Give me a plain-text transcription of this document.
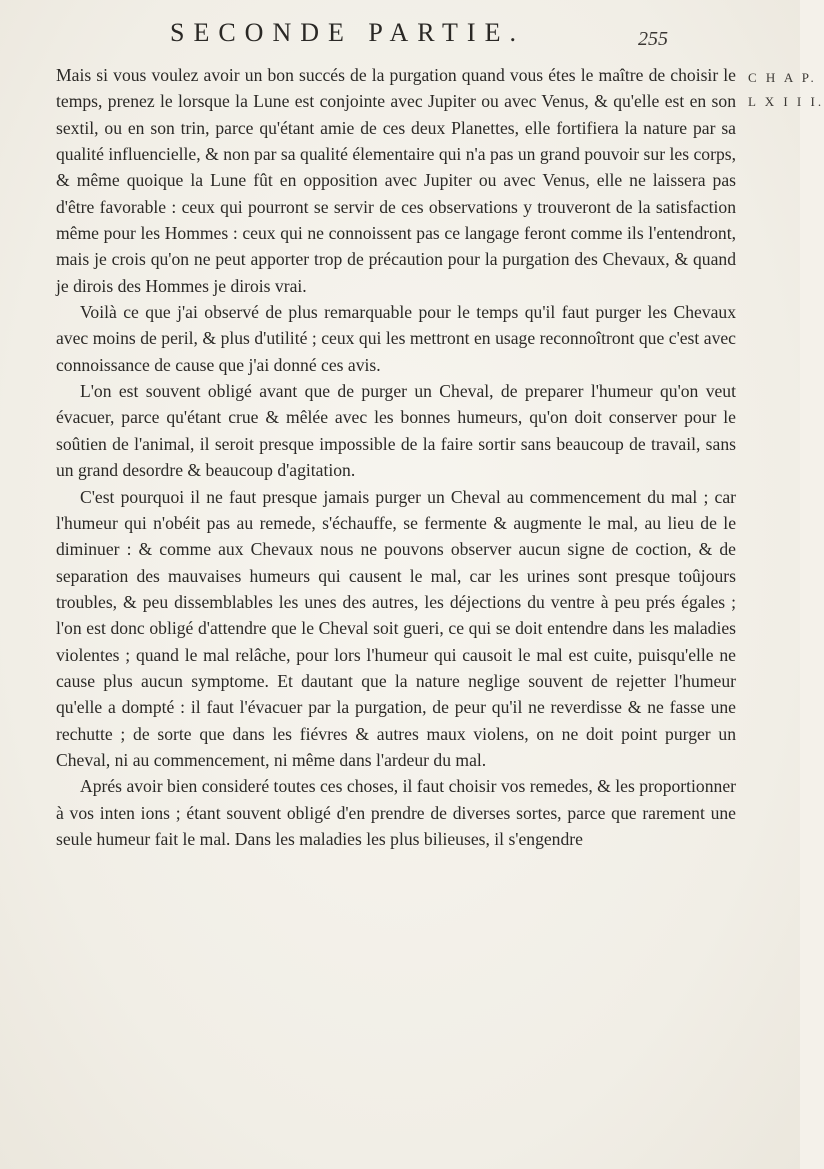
SECONDE PARTIE.	255
C H A P.
L X I I I.

Mais si vous voulez avoir un bon succés de la purgation quand vous étes le maître de choisir le temps, prenez le lorsque la Lune est conjointe avec Jupiter ou avec Venus, & qu'elle est en son sextil, ou en son trin, parce qu'étant amie de ces deux Planettes, elle fortifiera la nature par sa qualité influencielle, & non par sa qualité élementaire qui n'a pas un grand pouvoir sur les corps, & même quoique la Lune fût en opposition avec Jupiter ou avec Venus, elle ne laissera pas d'être favorable : ceux qui pourront se servir de ces observations y trouveront de la satisfaction même pour les Hommes : ceux qui ne connoissent pas ce langage feront comme ils l'entendront, mais je crois qu'on ne peut apporter trop de précaution pour la purgation des Chevaux, & quand je dirois des Hommes je dirois vrai.

Voilà ce que j'ai observé de plus remarquable pour le temps qu'il faut purger les Chevaux avec moins de peril, & plus d'utilité ; ceux qui les mettront en usage reconnoîtront que c'est avec connoissance de cause que j'ai donné ces avis.

L'on est souvent obligé avant que de purger un Cheval, de preparer l'humeur qu'on veut évacuer, parce qu'étant crue & mêlée avec les bonnes humeurs, qu'on doit conserver pour le soûtien de l'animal, il seroit presque impossible de la faire sortir sans beaucoup de travail, sans un grand desordre & beaucoup d'agitation.

C'est pourquoi il ne faut presque jamais purger un Cheval au commencement du mal ; car l'humeur qui n'obéit pas au remede, s'échauffe, se fermente & augmente le mal, au lieu de le diminuer : & comme aux Chevaux nous ne pouvons observer aucun signe de coction, & de separation des mauvaises humeurs qui causent le mal, car les urines sont presque toûjours troubles, & peu dissemblables les unes des autres, les déjections du ventre à peu prés égales ; l'on est donc obligé d'attendre que le Cheval soit gueri, ce qui se doit entendre dans les maladies violentes ; quand le mal relâche, pour lors l'humeur qui causoit le mal est cuite, puisqu'elle ne cause plus aucun symptome. Et dautant que la nature neglige souvent de rejetter l'humeur qu'elle a dompté : il faut l'évacuer par la purgation, de peur qu'il ne reverdisse & ne fasse une rechutte ; de sorte que dans les fiévres & autres maux violens, on ne doit point purger un Cheval, ni au commencement, ni même dans l'ardeur du mal.

Aprés avoir bien consideré toutes ces choses, il faut choisir vos remedes, & les proportionner à vos inten ions ; étant souvent obligé d'en prendre de diverses sortes, parce que rarement une seule humeur fait le mal. Dans les maladies les plus bilieuses, il s'engendre
